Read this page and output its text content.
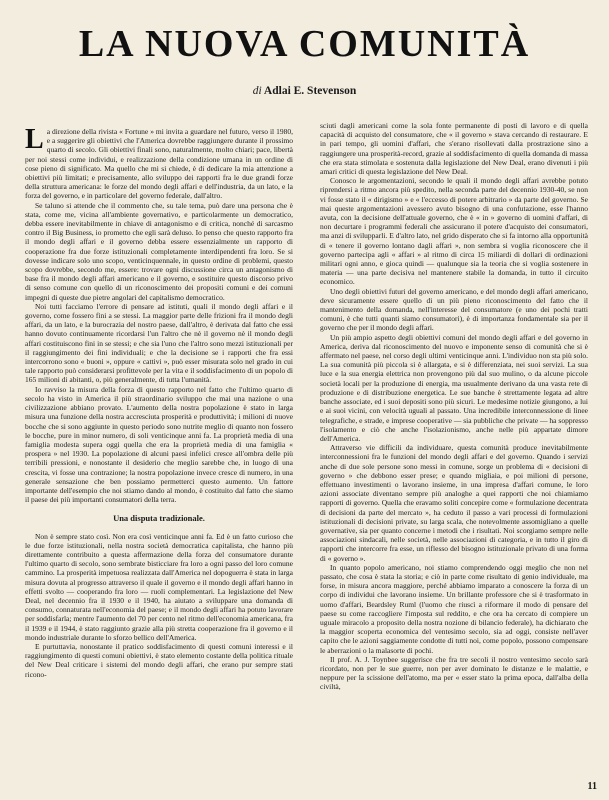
LA NUOVA COMUNITÀ
di Adlai E. Stevenson

La direzione della rivista « Fortune » mi invita a guardare nel futuro, verso il 1980, e a suggerire gli obiettivi che l'America dovrebbe raggiungere durante il prossimo quarto di secolo. Gli obiettivi finali sono, naturalmente, molto chiari; pace, libertà per noi stessi come individui, e realizzazione della condizione umana in un ordine di cose pieno di significato. Ma quello che mi si chiede, è di dedicare la mia attenzione a obiettivi più limitati; e precisamente, allo sviluppo dei rapporti fra le due grandi forze della struttura americana: le forze del mondo degli affari e dell'industria, da un lato, e la forza del governo, e in particolare del governo federale, dall'altro.

Se taluno si attende che il commento che, su tale tema, può dare una persona che è stata, come me, vicina all'ambiente governativo, e particolarmente un democratico, debba essere inevitabilmente in chiave di antagonismo e di critica, nonché di sarcasmo contro il Big Business, io prometto che egli sarà deluso. Io penso che questo rapporto fra il mondo degli affari e il governo debba essere essenzialmente un rapporto di cooperazione fra due forze istituzionali completamente interdipendenti fra loro. Se si dovesse indicare solo uno scopo, venticinquennale, in questo ordine di problemi, questo scopo dovrebbe, secondo me, essere: trovare ogni discussione circa un antagonismo di base fra il mondo degli affari americano e il governo, e sostituire questo discorso privo di senso comune con quello di un riconoscimento dei propositi comuni e dei comuni impegni di queste due pietre angolari del capitalismo democratico.

Noi tutti facciamo l'errore di pensare ad istituti, quali il mondo degli affari e il governo, come fossero fini a se stessi. La maggior parte delle frizioni fra il mondo degli affari, da un lato, e la burocrazia del nostro paese, dall'altro, è derivata dal fatto che essi hanno dovuto continuamente ricordarsi l'un l'altro che nè il governo nè il mondo degli affari costituiscono fini in se stessi; e che sia l'uno che l'altro sono mezzi istituzionali per il raggiungimento dei fini individuali; e che la decisione se i rapporti che fra essi intercorrono sono « buoni », oppure « cattivi », può esser misurata solo nel grado in cui tale rapporto può considerarsi profittevole per la vita e il soddisfacimento di un popolo di 165 milioni di abitanti, o, più generalmente, di tutta l'umanità.

Io ravviso la misura della forza di questo rapporto nel fatto che l'ultimo quarto di secolo ha visto in America il più straordinario sviluppo che mai una nazione o una civilizzazione abbiano provato. L'aumento della nostra popolazione è stato in larga misura una funzione della nostra accresciuta prosperità e produttività; i milioni di nuove bocche che si sono aggiunte in questo periodo sono nutrite meglio di quanto non fossero le bocche, pure in minor numero, di soli venticinque anni fa. La proprietà media di una famiglia modesta supera oggi quella che era la proprietà media di una famiglia « prospera » nel 1930. La popolazione di alcuni paesi infelici cresce all'ombra delle più terribili pressioni, e nonostante il desiderio che meglio sarebbe che, in luogo di una crescita, vi fosse una contrazione; la nostra popolazione invece cresce di numero, in una generale sensazione che ben possiamo permetterci questo aumento. Un fattore importante dell'esempio che noi stiamo dando al mondo, è costituito dal fatto che siamo il paese dei più importanti consumatori della terra.

Una disputa tradizionale.

Non è sempre stato così. Non era così venticinque anni fa. Ed è un fatto curioso che le due forze istituzionali, nella nostra società democratica capitalista, che hanno più direttamente contribuito a questa affermazione della forza del consumatore durante l'ultimo quarto di secolo, sono sembrate bisticciare fra loro a ogni passo del loro comune cammino. La prosperità impetuosa realizzata dall'America nel dopoguerra è stata in larga misura dovuta al progresso attraverso il quale il governo e il mondo degli affari hanno in effetti svolto — cooperando fra loro — ruoli complementari. La legislazione del New Deal, nel decennio fra il 1930 e il 1940, ha aiutato a sviluppare una domanda di consumo, connaturata nell'economia del paese; e il mondo degli affari ha potuto lavorare per soddisfarla; mentre l'aumento del 70 per cento nel ritmo dell'economia americana, fra il 1939 e il 1944, è stato raggiunto grazie alla più stretta cooperazione fra il governo e il mondo industriale durante lo sforzo bellico dell'America.

E purtuttavia, nonostante il pratico soddisfacimento di questi comuni interessi e il raggiungimento di questi comuni obiettivi, è stato elemento costante della politica rituale del New Deal criticare i sistemi del mondo degli affari, che erano pur sempre stati ricono-

sciuti dagli americani come la sola fonte permanente di posti di lavoro e di quella capacità di acquisto del consumatore, che « il governo » stava cercando di restaurare. E in pari tempo, gli uomini d'affari, che s'erano risollevati dalla prostrazione sino a raggiungere una prosperità-record, grazie al soddisfacimento di quella domanda di massa che era stata stimolata e sostenuta dalla legislazione del New Deal, erano divenuti i più amari critici di questa legislazione del New Deal.

Conosco le argomentazioni, secondo le quali il mondo degli affari avrebbe potuto riprendersi a ritmo ancora più spedito, nella seconda parte del decennio 1930-40, se non vi fosse stato il « dirigismo » e « l'eccesso di potere arbitrario » da parte del governo. Se mai queste argomentazioni avessero avuto bisogno di una confutazione, esse l'hanno avuta, con la decisione dell'attuale governo, che è « in » governo di uomini d'affari, di non decurtare i programmi federali che assicurano il potere d'acquisto dei consumatori, ma anzi di svilupparli. E d'altro lato, nel grido disperato che si fa intorno alla opportunità di « tenere il governo lontano dagli affari », non sembra si voglia riconoscere che il governo partecipa agli « affari » al ritmo di circa 15 miliardi di dollari di ordinazioni militari ogni anno, e gioca quindi — qualunque sia la teoria che si voglia sostenere in materia — una parte decisiva nel mantenere stabile la domanda, in tutto il circuito economico.

Uno degli obiettivi futuri del governo americano, e del mondo degli affari americano, deve sicuramente essere quello di un più pieno riconoscimento del fatto che il mantenimento della domanda, nell'interesse del consumatore (e uno dei pochi tratti comuni, è che tutti quanti siamo consumatori), è di importanza fondamentale sia per il governo che per il mondo degli affari.

Un più ampio aspetto degli obiettivi comuni del mondo degli affari e del governo in America, deriva dal riconoscimento del nuovo e imponente senso di comunità che si è affermato nel paese, nel corso degli ultimi venticinque anni. L'individuo non sta più solo. La sua comunità più piccola si è allargata, e si è differenziata, nei suoi servizi. La sua luce e la sua energia elettrica non provengono più dal suo mulino, o da alcune piccole società locali per la produzione di energia, ma usualmente derivano da una vasta rete di produzione e di distribuzione energetica. Le sue banche è strettamente legata ad altre banche associate, ed i suoi depositi sono più sicuri. Le medesime notizie giungono, a lui e ai suoi vicini, con velocità uguali al passato. Una incredibile interconnessione di linee telegrafiche, e strade, e imprese cooperative — sia pubbliche che private — ha soppresso l'isolamento e ciò che anche l'isolazionismo, anche nelle più appartate dimore dell'America.

Attraverso vie difficili da individuare, questa comunità produce inevitabilmente interconnessioni fra le funzioni del mondo degli affari e del governo. Quando i servizi anche di due sole persone sono messi in comune, sorge un problema di « decisioni di governo » che debbono esser prese; e quando migliaia, e poi milioni di persone, effettuano investimenti o lavorano insieme, in una impresa d'affari comune, le loro azioni associate diventano sempre più analoghe a quei rapporti che noi chiamiamo rapporti di governo. Quella che eravamo soliti concepire come « formulazione decentrata di decisioni da parte del mercato », ha ceduto il passo a vari processi di formulazioni istituzionali di decisioni private, su larga scala, che notevolmente assomigliano a quelle governative, sia per quanto concerne i metodi che i risultati. Noi scorgiamo sempre nelle associazioni sindacali, nelle società, nelle associazioni di categoria, e in tutto il giro di rapporti che intercorre fra esse, un riflesso del bisogno istituzionale privato di una forma di « governo ».

In quanto popolo americano, noi stiamo comprendendo oggi meglio che non nel passato, che cosa è stata la storia; e ciò in parte come risultato di genio individuale, ma forse, in misura ancora maggiore, perché abbiamo imparato a conoscere la forza di un corpo di individui che lavorano insieme. Un brillante professore che si è trasformato in uomo d'affari, Beardsley Ruml (l'uomo che riuscì a riformare il modo di pensare del paese su come raccogliere l'imposta sul reddito, e che ora ha cercato di compiere un uguale miracolo a proposito della nostra nozione di bilancio federale), ha dichiarato che la maggior scoperta economica del ventesimo secolo, sia ad oggi, consiste nell'aver capito che le azioni saggiamente condotte di tutti noi, come popolo, possono compensare le aberrazioni o la malasorte di pochi.

Il prof. A. J. Toynbee suggerisce che fra tre secoli il nostro ventesimo secolo sarà ricordato, non per le sue guerre, non per aver dominato le distanze e le malattie, e neppure per la scissione dell'atomo, ma per « esser stato la prima epoca, dall'alba della civiltà,

11
